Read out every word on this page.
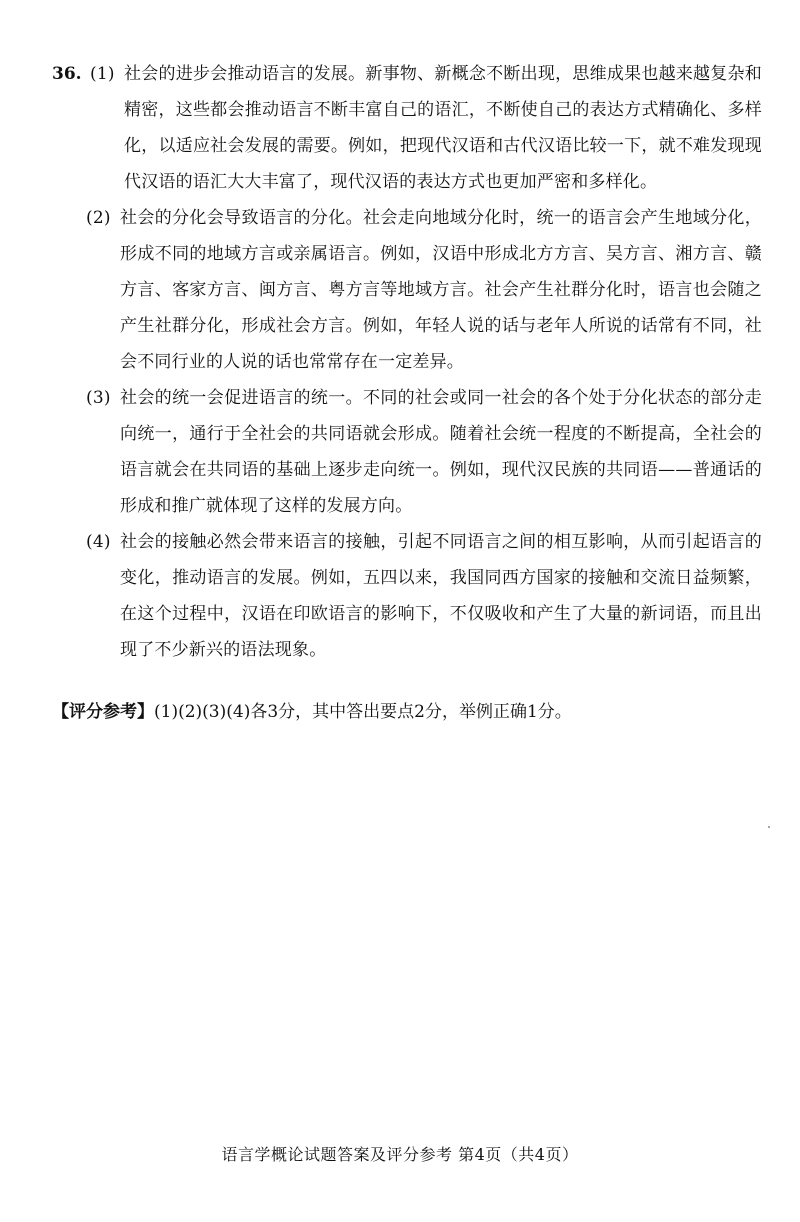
36. (1) 社会的进步会推动语言的发展。新事物、新概念不断出现，思维成果也越来越复杂和精密，这些都会推动语言不断丰富自己的语汇，不断使自己的表达方式精确化、多样化，以适应社会发展的需要。例如，把现代汉语和古代汉语比较一下，就不难发现现代汉语的语汇大大丰富了，现代汉语的表达方式也更加严密和多样化。
(2) 社会的分化会导致语言的分化。社会走向地域分化时，统一的语言会产生地域分化，形成不同的地域方言或亲属语言。例如，汉语中形成北方方言、吴方言、湘方言、赣方言、客家方言、闽方言、粤方言等地域方言。社会产生社群分化时，语言也会随之产生社群分化，形成社会方言。例如，年轻人说的话与老年人所说的话常有不同，社会不同行业的人说的话也常常存在一定差异。
(3) 社会的统一会促进语言的统一。不同的社会或同一社会的各个处于分化状态的部分走向统一，通行于全社会的共同语就会形成。随着社会统一程度的不断提高，全社会的语言就会在共同语的基础上逐步走向统一。例如，现代汉民族的共同语——普通话的形成和推广就体现了这样的发展方向。
(4) 社会的接触必然会带来语言的接触，引起不同语言之间的相互影响，从而引起语言的变化，推动语言的发展。例如，五四以来，我国同西方国家的接触和交流日益频繁，在这个过程中，汉语在印欧语言的影响下，不仅吸收和产生了大量的新词语，而且出现了不少新兴的语法现象。
【评分参考】(1)(2)(3)(4)各3分，其中答出要点2分，举例正确1分。
语言学概论试题答案及评分参考 第4页（共4页）
